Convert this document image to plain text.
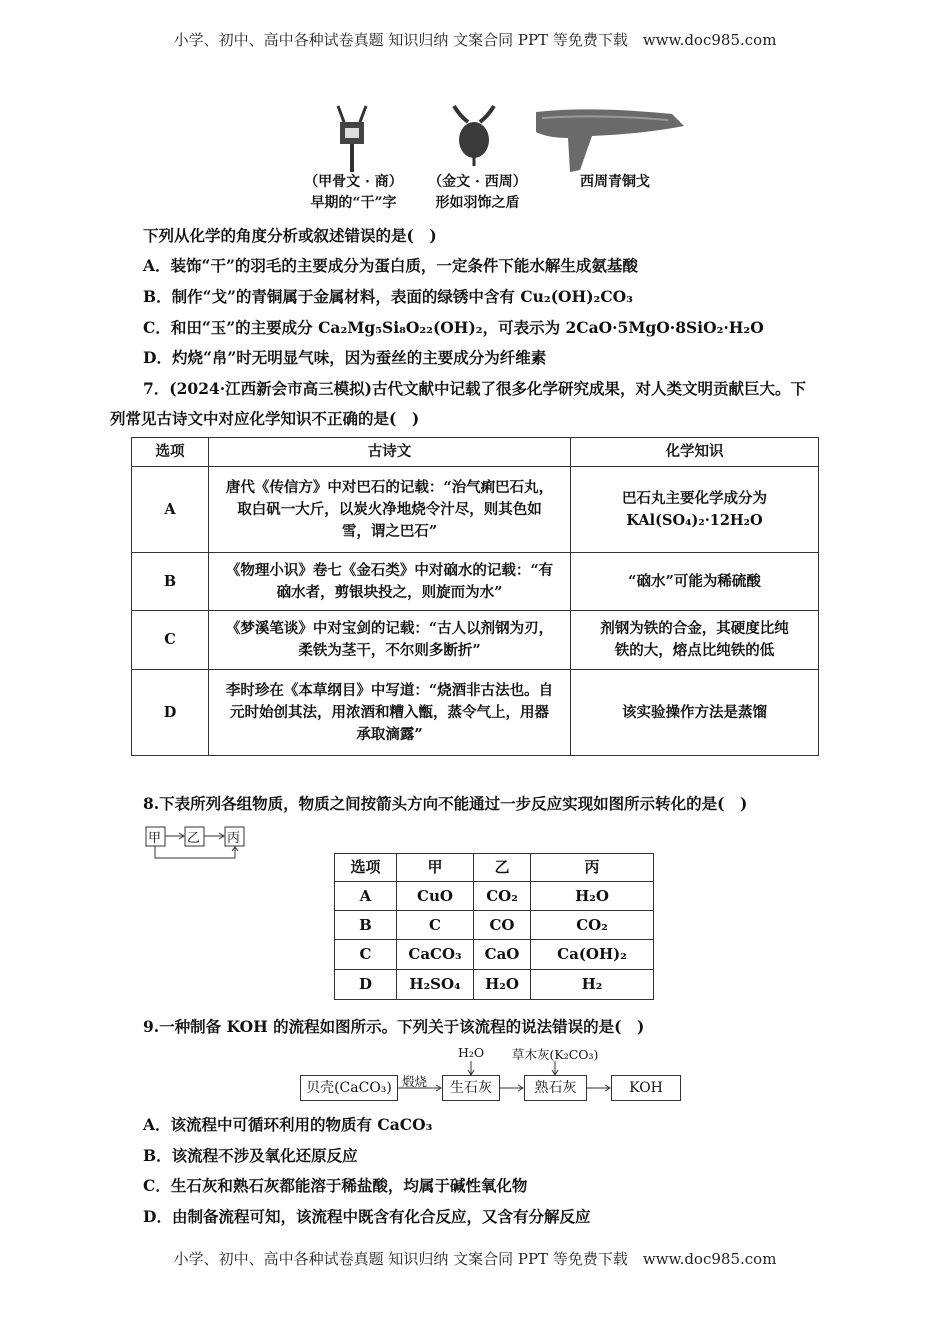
小学、初中、高中各种试卷真题 知识归纳 文案合同 PPT 等免费下载　www.doc985.com
（甲骨文 · 商）
早期的“干”字
（金文 · 西周）
形如羽饰之盾
西周青铜戈
下列从化学的角度分析或叙述错误的是(　)
A．装饰“干”的羽毛的主要成分为蛋白质，一定条件下能水解生成氨基酸
B．制作“戈”的青铜属于金属材料，表面的绿锈中含有 Cu₂(OH)₂CO₃
C．和田“玉”的主要成分 Ca₂Mg₅Si₈O₂₂(OH)₂，可表示为 2CaO·5MgO·8SiO₂·H₂O
D．灼烧“帛”时无明显气味，因为蚕丝的主要成分为纤维素
7．(2024·江西新会市高三模拟)古代文献中记载了很多化学研究成果，对人类文明贡献巨大。下
列常见古诗文中对应化学知识不正确的是(　)
选项	古诗文	化学知识
A	唐代《传信方》中对巴石的记载：“治气痢巴石丸，取白矾一大斤，以炭火净地烧令汁尽，则其色如雪，谓之巴石”	巴石丸主要化学成分为 KAl(SO₄)₂·12H₂O
B	《物理小识》卷七《金石类》中对硇水的记载：“有硇水者，剪银块投之，则旋而为水”	“硇水”可能为稀硫酸
C	《梦溪笔谈》中对宝剑的记载：“古人以剂钢为刃，柔铁为茎干，不尔则多断折”	剂钢为铁的合金，其硬度比纯铁的大，熔点比纯铁的低
D	李时珍在《本草纲目》中写道：“烧酒非古法也。自元时始创其法，用浓酒和糟入甑，蒸令气上，用器承取滴露”	该实验操作方法是蒸馏
8.下表所列各组物质，物质之间按箭头方向不能通过一步反应实现如图所示转化的是(　)
甲 乙 丙
选项	甲	乙	丙
A	CuO	CO₂	H₂O
B	C	CO	CO₂
C	CaCO₃	CaO	Ca(OH)₂
D	H₂SO₄	H₂O	H₂
9.一种制备 KOH 的流程如图所示。下列关于该流程的说法错误的是(　)
贝壳(CaCO₃) 煅烧	生石灰	熟石灰	KOH
H₂O 草木灰(K₂CO₃)
A．该流程中可循环利用的物质有 CaCO₃
B．该流程不涉及氧化还原反应
C．生石灰和熟石灰都能溶于稀盐酸，均属于碱性氧化物
D．由制备流程可知，该流程中既含有化合反应，又含有分解反应
小学、初中、高中各种试卷真题 知识归纳 文案合同 PPT 等免费下载　www.doc985.com
